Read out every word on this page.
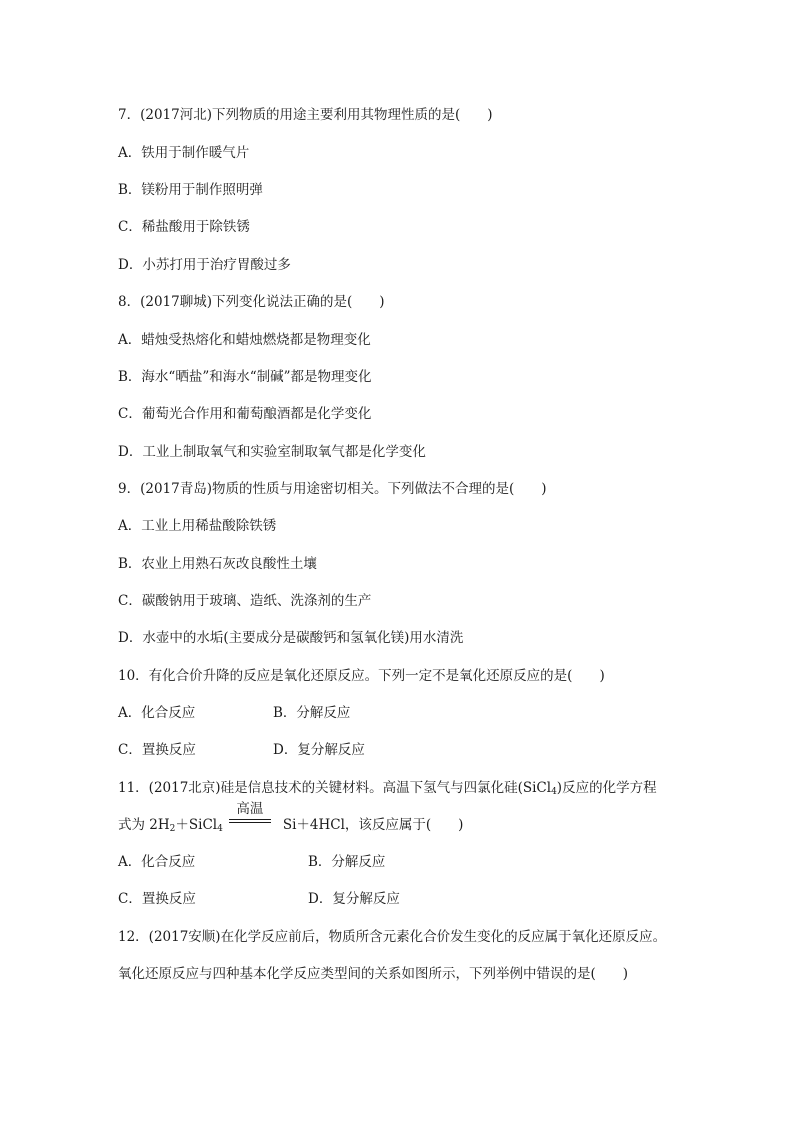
7．(2017河北)下列物质的用途主要利用其物理性质的是(　　)
A．铁用于制作暖气片
B．镁粉用于制作照明弹
C．稀盐酸用于除铁锈
D．小苏打用于治疗胃酸过多
8．(2017聊城)下列变化说法正确的是(　　)
A．蜡烛受热熔化和蜡烛燃烧都是物理变化
B．海水“晒盐”和海水“制碱”都是物理变化
C．葡萄光合作用和葡萄酿酒都是化学变化
D．工业上制取氧气和实验室制取氧气都是化学变化
9．(2017青岛)物质的性质与用途密切相关。下列做法不合理的是(　　)
A．工业上用稀盐酸除铁锈
B．农业上用熟石灰改良酸性土壤
C．碳酸钠用于玻璃、造纸、洗涤剂的生产
D．水壶中的水垢(主要成分是碳酸钙和氢氧化镁)用水清洗
10．有化合价升降的反应是氧化还原反应。下列一定不是氧化还原反应的是(　　)
A．化合反应	B．分解反应
C．置换反应	D．复分解反应
11．(2017北京)硅是信息技术的关键材料。高温下氢气与四氯化硅(SiCl$_4$)反应的化学方程
式为 $2H_2+SiCl_4$
高温
Si＋4HCl，该反应属于(　　)
A．化合反应	B．分解反应
C．置换反应	D．复分解反应
12．(2017安顺)在化学反应前后，物质所含元素化合价发生变化的反应属于氧化还原反应。
氧化还原反应与四种基本化学反应类型间的关系如图所示，下列举例中错误的是(　　)
